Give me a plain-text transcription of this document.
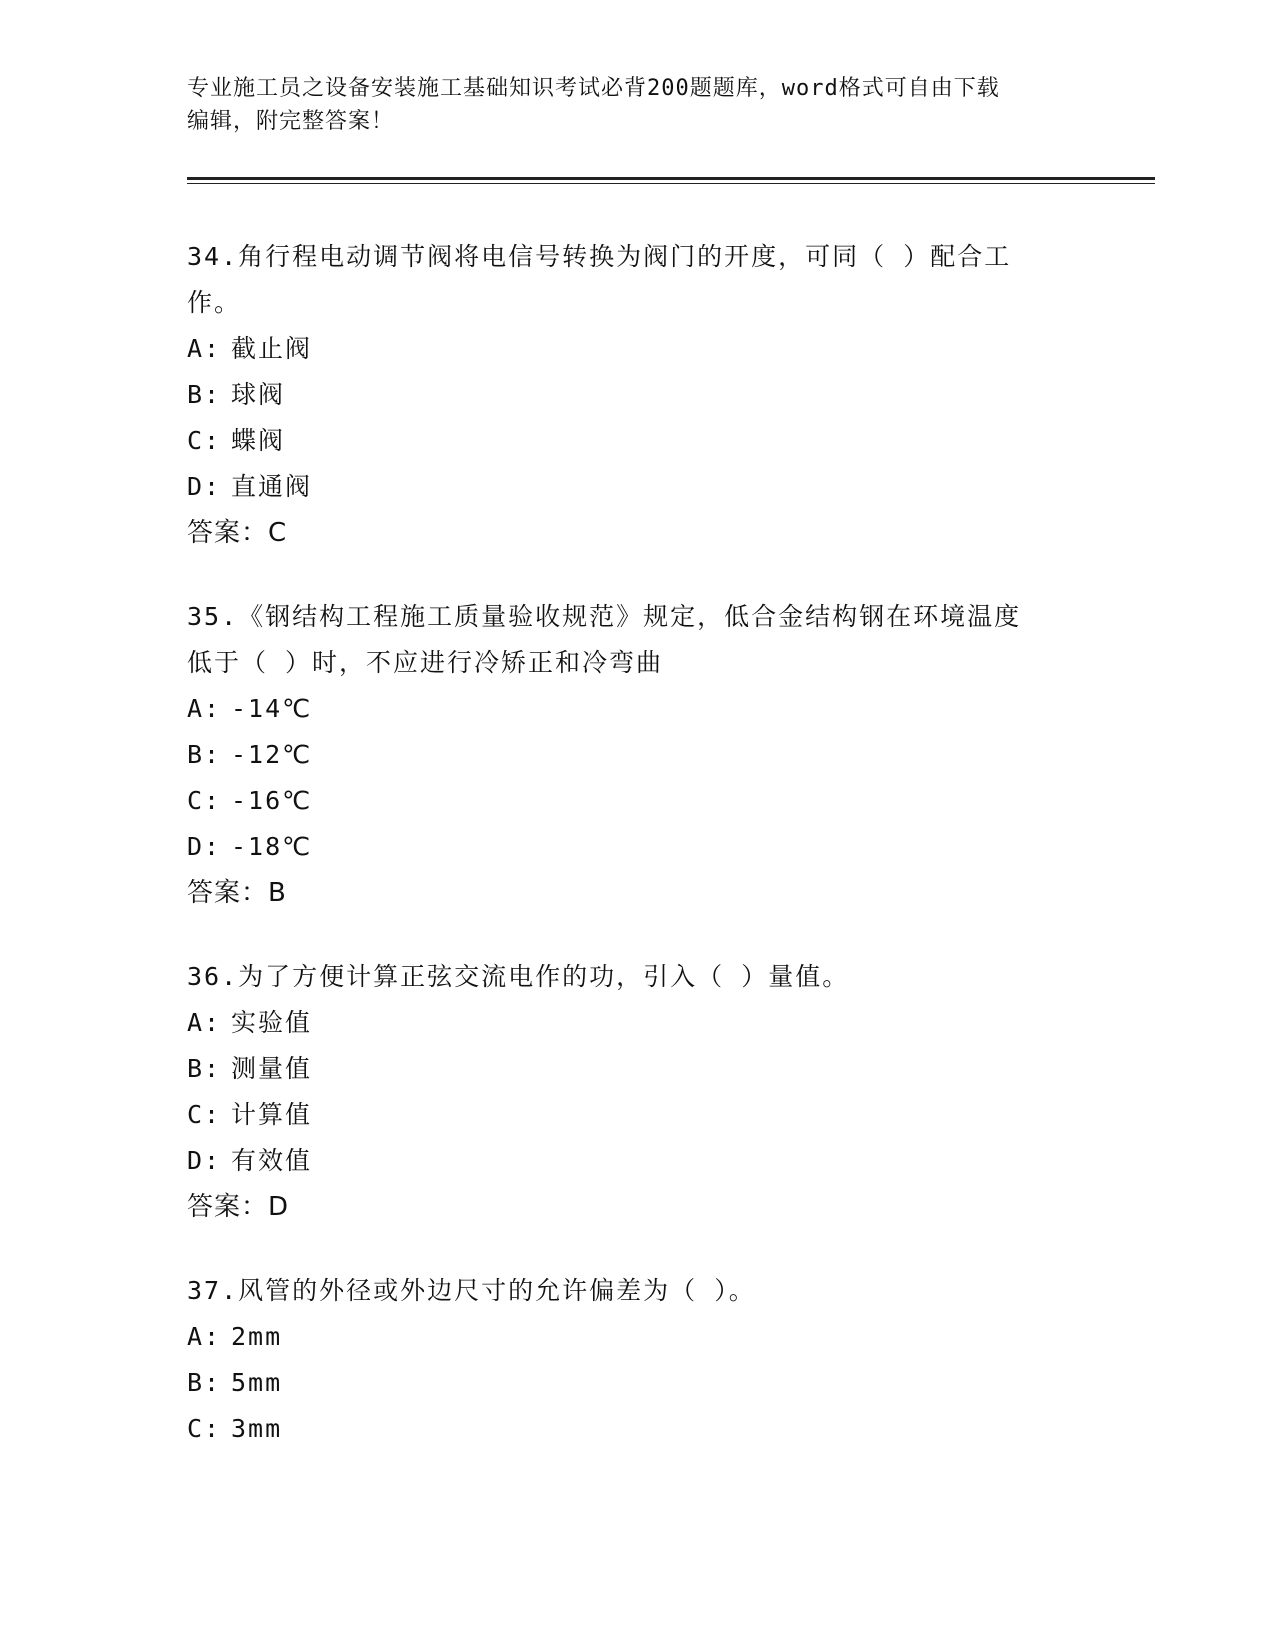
专业施工员之设备安装施工基础知识考试必背200题题库，word格式可自由下载
编辑，附完整答案！

34.角行程电动调节阀将电信号转换为阀门的开度，可同（ ）配合工
作。

A: 截止阀

B: 球阀

C: 蝶阀

D: 直通阀

答案：C

35.《钢结构工程施工质量验收规范》规定，低合金结构钢在环境温度
低于（ ）时，不应进行冷矫正和冷弯曲

A: -14℃

B: -12℃

C: -16℃

D: -18℃

答案：B

36.为了方便计算正弦交流电作的功，引入（ ）量值。

A: 实验值

B: 测量值

C: 计算值

D: 有效值

答案：D

37.风管的外径或外边尺寸的允许偏差为（ ）。

A: 2mm

B: 5mm

C: 3mm
